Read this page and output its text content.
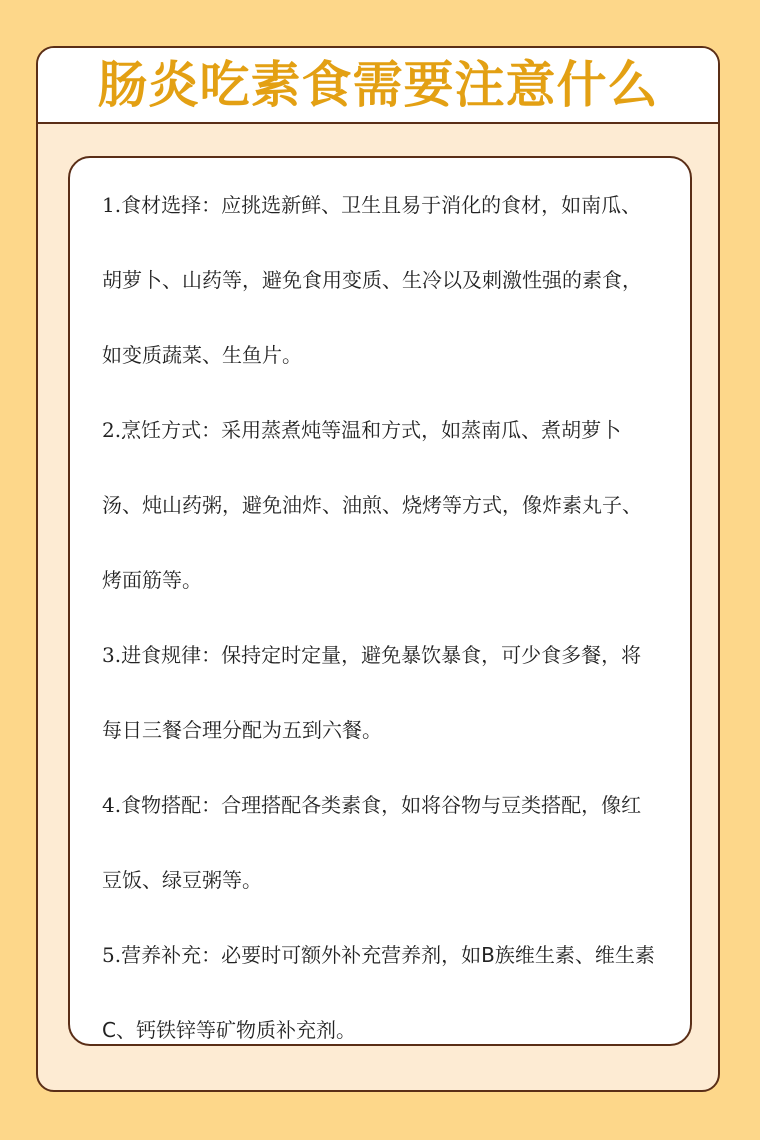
肠炎吃素食需要注意什么

1.食材选择：应挑选新鲜、卫生且易于消化的食材，如南瓜、胡萝卜、山药等，避免食用变质、生冷以及刺激性强的素食，如变质蔬菜、生鱼片。

2.烹饪方式：采用蒸煮炖等温和方式，如蒸南瓜、煮胡萝卜汤、炖山药粥，避免油炸、油煎、烧烤等方式，像炸素丸子、烤面筋等。

3.进食规律：保持定时定量，避免暴饮暴食，可少食多餐，将每日三餐合理分配为五到六餐。

4.食物搭配：合理搭配各类素食，如将谷物与豆类搭配，像红豆饭、绿豆粥等。

5.营养补充：必要时可额外补充营养剂，如B族维生素、维生素C、钙铁锌等矿物质补充剂。
